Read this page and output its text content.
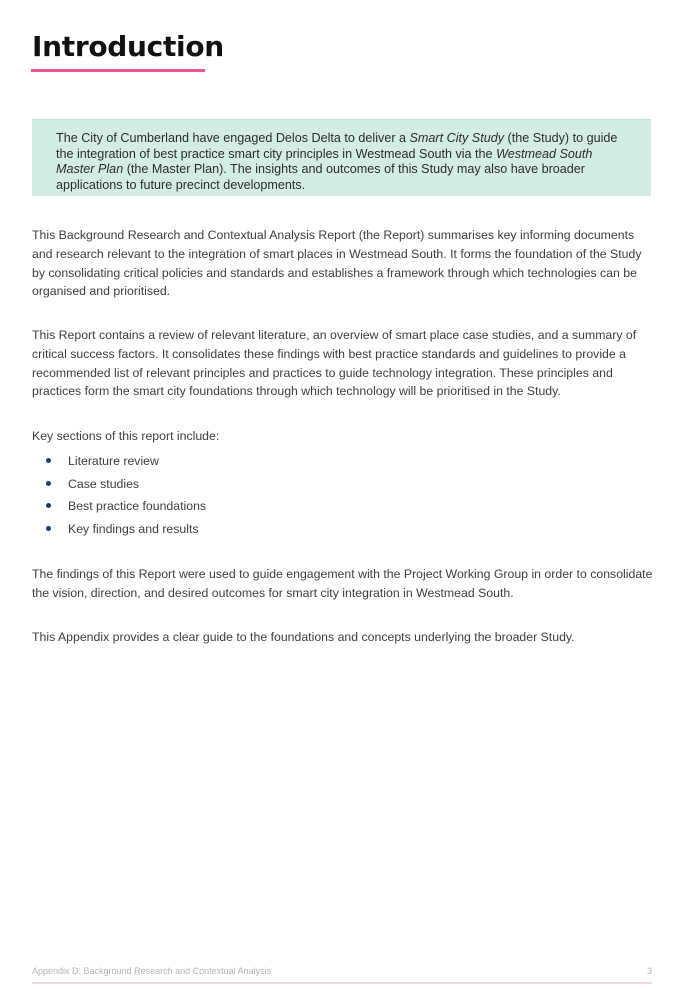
Introduction
The City of Cumberland have engaged Delos Delta to deliver a Smart City Study (the Study) to guide the integration of best practice smart city principles in Westmead South via the Westmead South Master Plan (the Master Plan). The insights and outcomes of this Study may also have broader applications to future precinct developments.

This Background Research and Contextual Analysis Report (the Report) summarises key informing documents and research relevant to the integration of smart places in Westmead South. It forms the foundation of the Study by consolidating critical policies and standards and establishes a framework through which technologies can be organised and prioritised.

This Report contains a review of relevant literature, an overview of smart place case studies, and a summary of critical success factors. It consolidates these findings with best practice standards and guidelines to provide a recommended list of relevant principles and practices to guide technology integration. These principles and practices form the smart city foundations through which technology will be prioritised in the Study.

Key sections of this report include:

Literature review
Case studies
Best practice foundations
Key findings and results

The findings of this Report were used to guide engagement with the Project Working Group in order to consolidate the vision, direction, and desired outcomes for smart city integration in Westmead South.

This Appendix provides a clear guide to the foundations and concepts underlying the broader Study.

Appendix D: Background Research and Contextual Analysis	3
